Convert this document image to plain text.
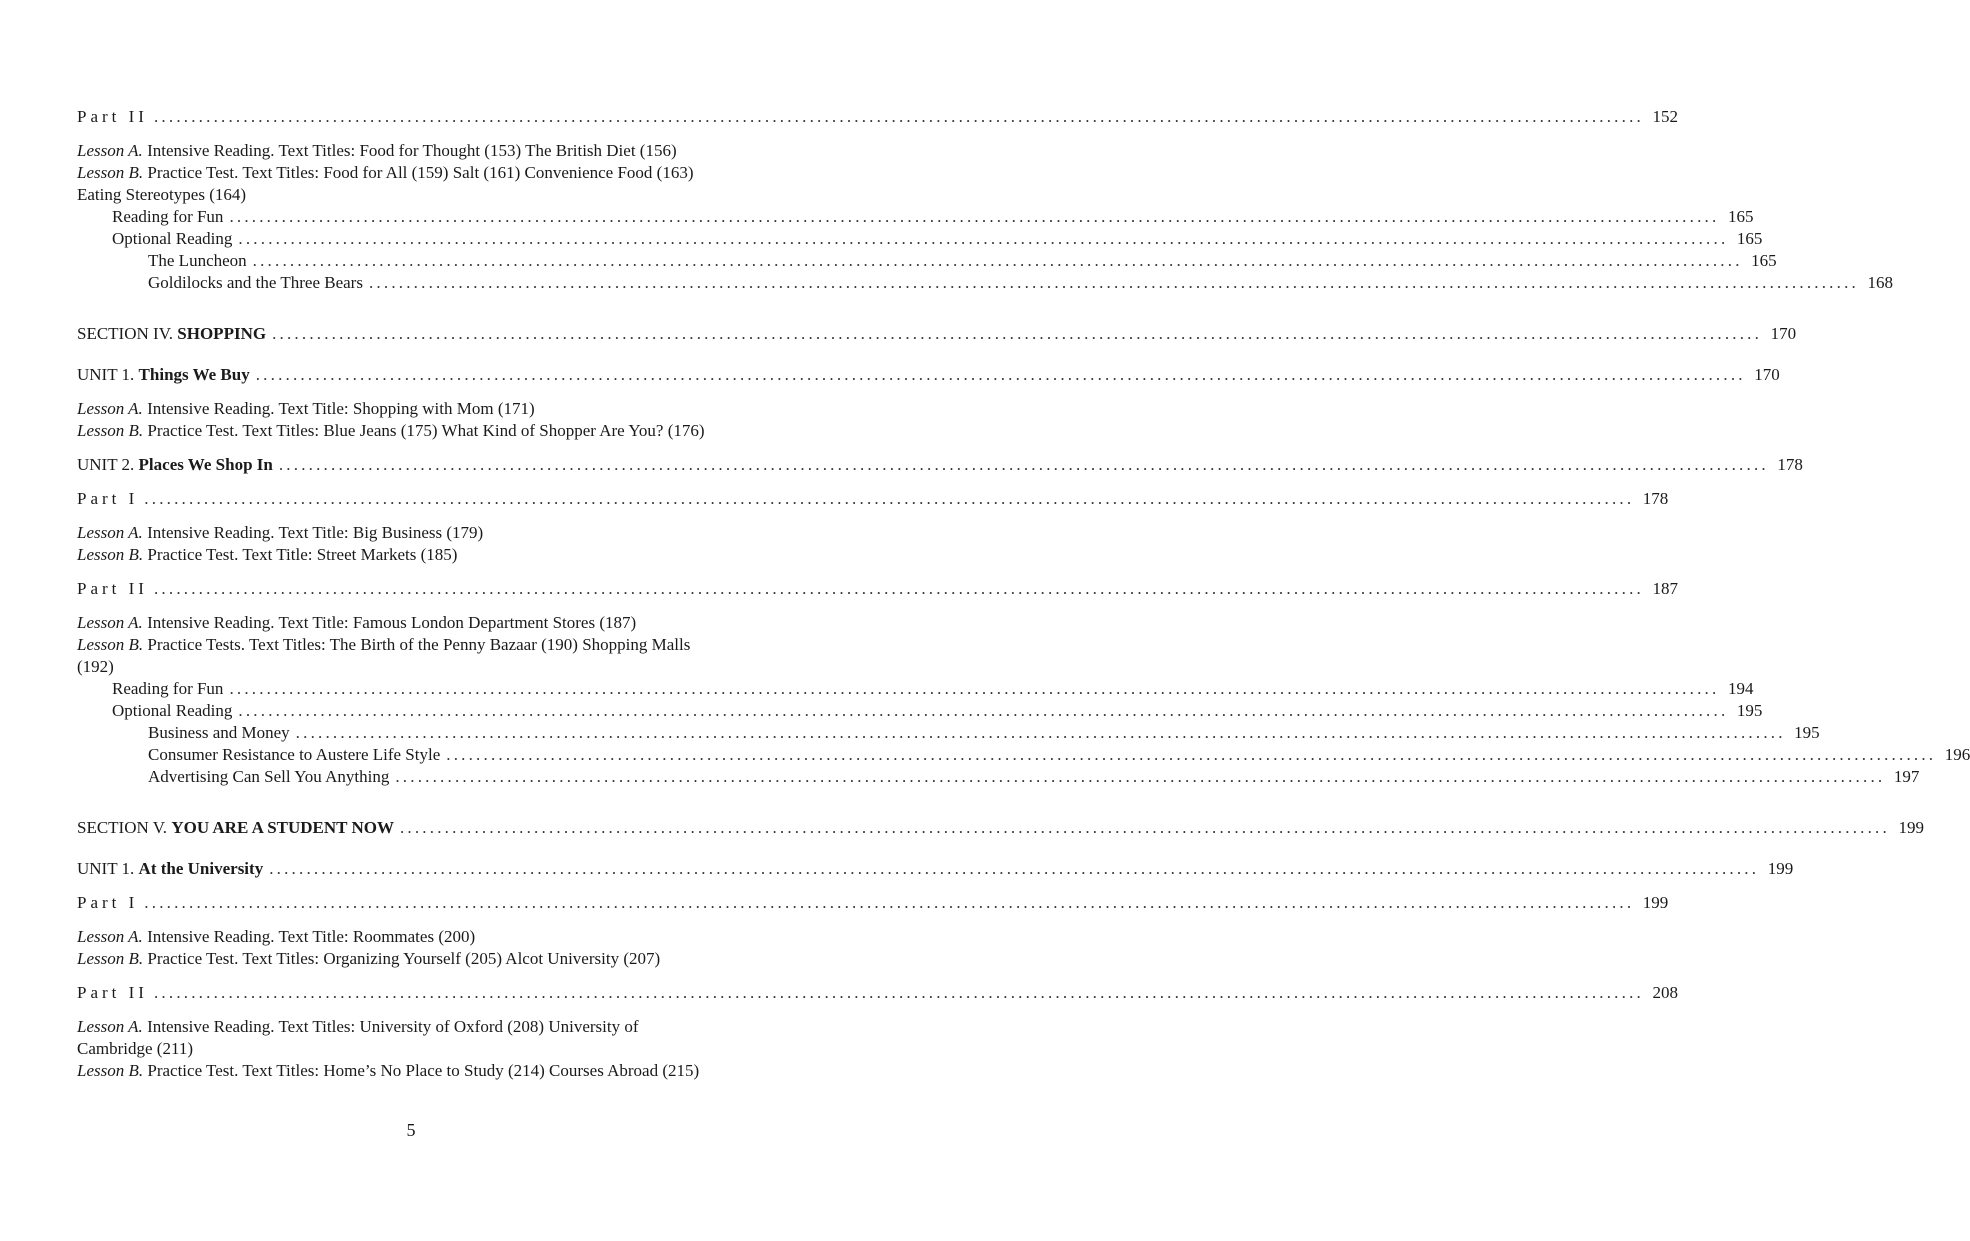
Part II ........................................................................................................................................................................................................ 152
Lesson A. Intensive Reading. Text Titles: Food for Thought (153) The British Diet (156)
Lesson B. Practice Test. Text Titles: Food for All (159) Salt (161) Convenience Food (163) Eating Stereotypes (164)
Reading for Fun ........................................................................................................................................................................................................ 165
Optional Reading ........................................................................................................................................................................................................ 165
The Luncheon ........................................................................................................................................................................................................ 165
Goldilocks and the Three Bears ........................................................................................................................................................................................................ 168
SECTION IV. SHOPPING ........................................................................................................................................................................................................ 170
UNIT 1. Things We Buy ........................................................................................................................................................................................................ 170
Lesson A. Intensive Reading. Text Title: Shopping with Mom (171)
Lesson B. Practice Test. Text Titles: Blue Jeans (175) What Kind of Shopper Are You? (176)
UNIT 2. Places We Shop In ........................................................................................................................................................................................................ 178
Part I ........................................................................................................................................................................................................ 178
Lesson A. Intensive Reading. Text Title: Big Business (179)
Lesson B. Practice Test. Text Title: Street Markets (185)
Part II ........................................................................................................................................................................................................ 187
Lesson A. Intensive Reading. Text Title: Famous London Department Stores (187)
Lesson B. Practice Tests. Text Titles: The Birth of the Penny Bazaar (190) Shopping Malls (192)
Reading for Fun ........................................................................................................................................................................................................ 194
Optional Reading ........................................................................................................................................................................................................ 195
Business and Money ........................................................................................................................................................................................................ 195
Consumer Resistance to Austere Life Style ........................................................................................................................................................................................................ 196
Advertising Can Sell You Anything ........................................................................................................................................................................................................ 197
SECTION V. YOU ARE A STUDENT NOW ........................................................................................................................................................................................................ 199
UNIT 1. At the University ........................................................................................................................................................................................................ 199
Part I ........................................................................................................................................................................................................ 199
Lesson A. Intensive Reading. Text Title: Roommates (200)
Lesson B. Practice Test. Text Titles: Organizing Yourself (205) Alcot University (207)
Part II ........................................................................................................................................................................................................ 208
Lesson A. Intensive Reading. Text Titles: University of Oxford (208) University of Cambridge (211)
Lesson B. Practice Test. Text Titles: Home’s No Place to Study (214) Courses Abroad (215)
5
